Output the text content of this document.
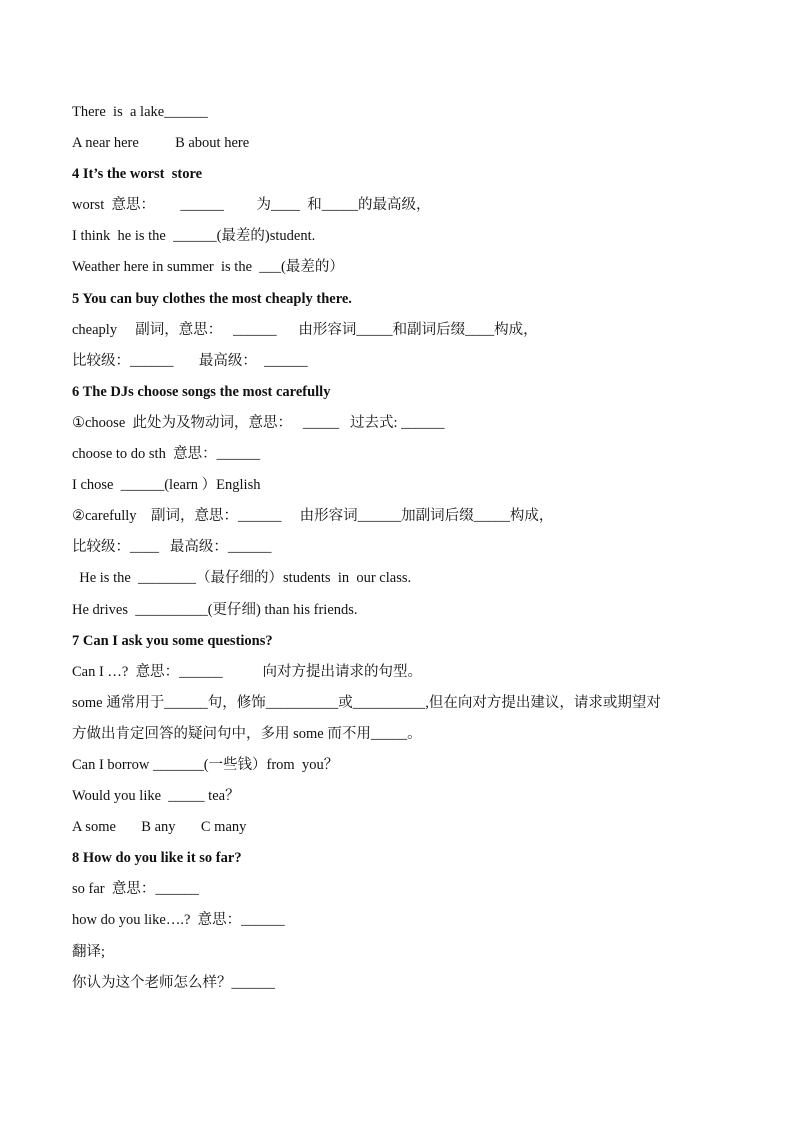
There  is  a lake______
A near here          B about here
4 It’s the worst  store
worst  意思：       ______         为____  和_____的最高级，
I think  he is the  ______(最差的)student.
Weather here in summer  is the  ___(最差的）
5 You can buy clothes the most cheaply there.
cheaply     副词，意思：   ______      由形容词_____和副词后缀____构成，
比较级：______       最高级：  ______
6 The DJs choose songs the most carefully
①choose  此处为及物动词，意思：   _____   过去式: ______
choose to do sth  意思：______
I chose  ______(learn ）English
②carefully    副词，意思：______     由形容词______加副词后缀_____构成，
比较级：____   最高级：______
He is the  ________（最仔细的）students  in  our class.
He drives  __________(更仔细) than his friends.
7 Can I ask you some questions?
Can I …?  意思：______           向对方提出请求的句型。
some 通常用于______句，修饰__________或__________,但在向对方提出建议，请求或期望对
方做出肯定回答的疑问句中，多用 some 而不用_____。
Can I borrow _______(一些钱）from  you？
Would you like  _____ tea？
A some       B any       C many
8 How do you like it so far?
so far  意思：______
how do you like….?  意思：______
翻译;
你认为这个老师怎么样？______
